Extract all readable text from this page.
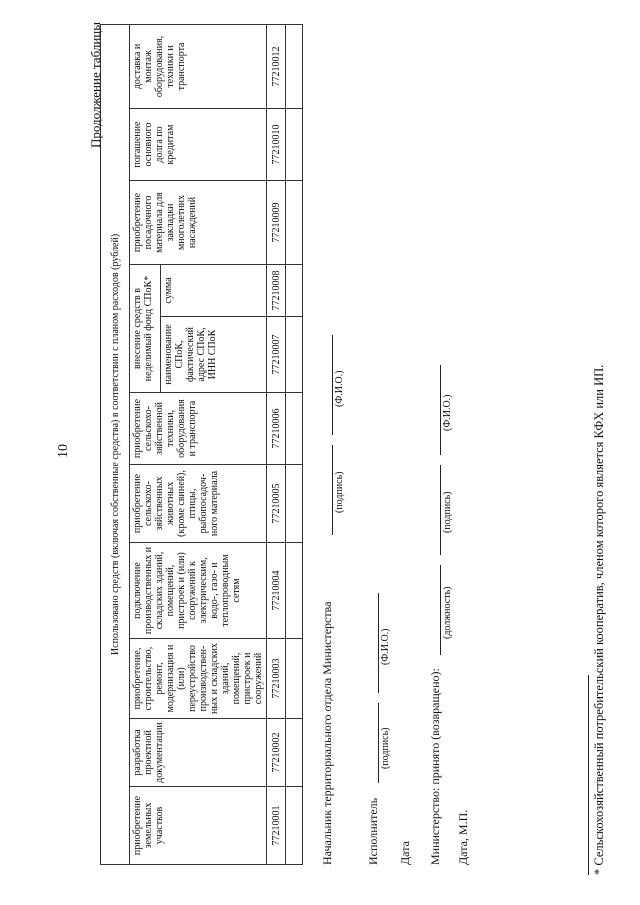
10
Продолжение таблицы
Использовано средств (включая собственные средства) в соответствии с планом расходов (рублей)										
приобретение земельных участков	разработка проектной документации	приобретение, строительство, ремонт, модернизация и (или) переустройство производствен-ных и складских зданий, помещений, пристроек и сооружений	подключение производственных и складских зданий, помещений, пристроек и (или) сооружений к электрическим, водо-, газо- и теплопроводным сетям	приобретение сельскохо-зяйственных животных (кроме свиней), птицы, рыбопосадоч-ного материала	приобретение сельскохо-зяйственной техники, оборудования и транспорта	внесение средств в неделимый фонд СПоК*		приобретение посадочного материала для закладки многолетних насаждений	погашение основного долга по кредитам	доставка и монтаж оборудования, техники и транспорта
						наименование СПоК, фактический адрес СПоК, ИНН СПоК	сумма			
77210001	77210002	77210003	77210004	77210005	77210006	77210007	77210008	77210009	77210010	77210012

Начальник территориального отдела Министерства
(подпись)
(Ф.И.О.)
Исполнитель
(подпись)
(Ф.И.О.)
Дата Министерство: принято (возвращено):
(должность)
(подпись)
(Ф.И.О.)
Дата, М.П.	* Сельскохозяйственный потребительский кооператив, членом которого является КФХ или ИП.
